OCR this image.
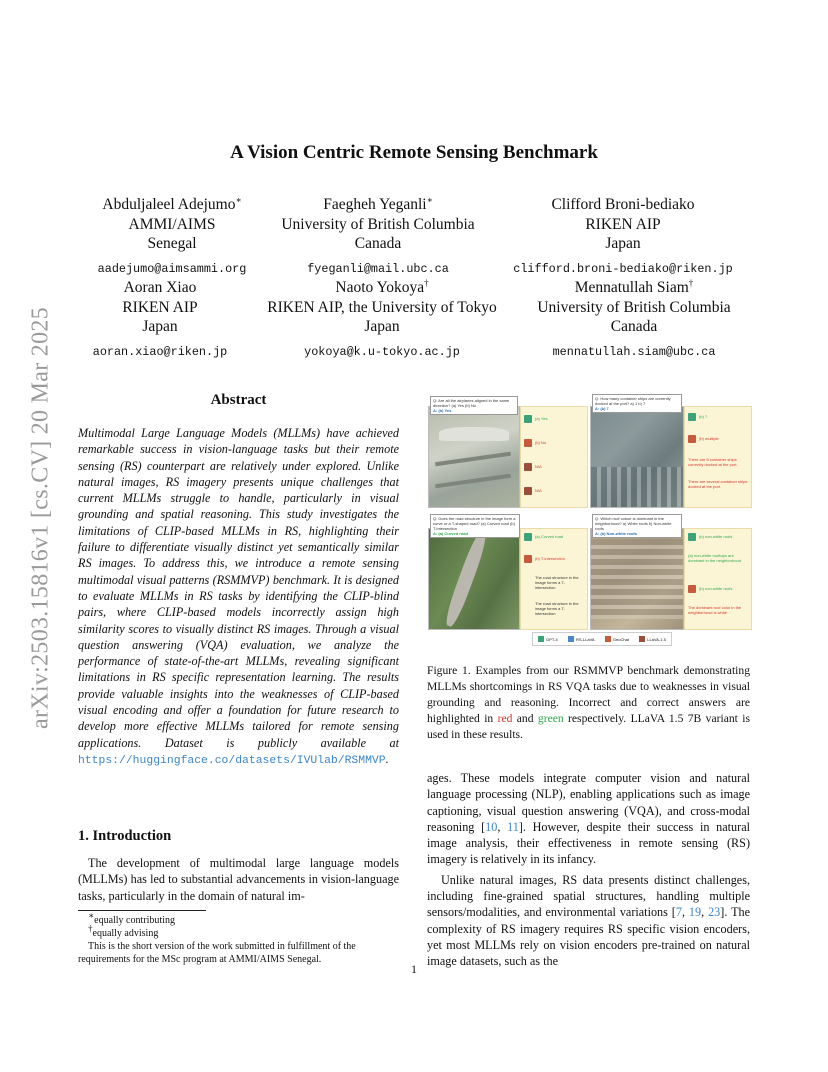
arXiv:2503.15816v1 [cs.CV] 20 Mar 2025
A Vision Centric Remote Sensing Benchmark
Abduljaleel Adejumo∗
AMMI/AIMS
Senegal
aadejumo@aimsammi.org
Faegheh Yeganli∗
University of British Columbia
Canada
fyeganli@mail.ubc.ca
Clifford Broni-bediako
RIKEN AIP
Japan
clifford.broni-bediako@riken.jp
Aoran Xiao
RIKEN AIP
Japan
aoran.xiao@riken.jp
Naoto Yokoya†
RIKEN AIP, the University of Tokyo
Japan
yokoya@k.u-tokyo.ac.jp
Mennatullah Siam†
University of British Columbia
Canada
mennatullah.siam@ubc.ca
Abstract
Multimodal Large Language Models (MLLMs) have achieved remarkable success in vision-language tasks but their remote sensing (RS) counterpart are relatively under explored. Unlike natural images, RS imagery presents unique challenges that current MLLMs struggle to handle, particularly in visual grounding and spatial reasoning. This study investigates the limitations of CLIP-based MLLMs in RS, highlighting their failure to differentiate visually distinct yet semantically similar RS images. To address this, we introduce a remote sensing multimodal visual patterns (RSMMVP) benchmark. It is designed to evaluate MLLMs in RS tasks by identifying the CLIP-blind pairs, where CLIP-based models incorrectly assign high similarity scores to visually distinct RS images. Through a visual question answering (VQA) evaluation, we analyze the performance of state-of-the-art MLLMs, revealing significant limitations in RS specific representation learning. The results provide valuable insights into the weaknesses of CLIP-based visual encoding and offer a foundation for future research to develop more effective MLLMs tailored for remote sensing applications. Dataset is publicly available at https://huggingface.co/datasets/IVUlab/RSMMVP.
1. Introduction
The development of multimodal large language models (MLLMs) has led to substantial advancements in vision-language tasks, particularly in the domain of natural im-
∗equally contributing
†equally advising
This is the short version of the work submitted in fulfillment of the requirements for the MSc program at AMMI/AIMS Senegal.
Q: Are all the airplanes aligned in the same direction? (a) Yes (b) No
A: (b) Yes
(a) Yes
(b) No
N/A
N/A
Q: How many container ships are currently docked at the port? a) 1 b) 7
A: (b) 7
(b) 7
(b) multiple
There are 5 container ships currently docked at the port.
There are several container ships docked at the port.
Q: Does the road structure in the image form a curve or a T-shaped road? (a) Curved road (b) T-intersection
A: (a) Curved road
(a) Curved road
(b) T-intersection
The road structure in the image forms a T-intersection
The road structure in the image forms a T-intersection
Q: Which roof colour is dominant in the neighborhood? a) White roofs b) Non-white roofs
A: (b) Non-white roofs
(b) non-white roofs
(a) non-white rooftops are dominant in the neighborhood
(b) non-white roofs
The dominant roof color in the neighborhood is white
GPT-4	RS-LLaVA	GeoChat	LLaVA-1.5
Figure 1. Examples from our RSMMVP benchmark demonstrating MLLMs shortcomings in RS VQA tasks due to weaknesses in visual grounding and reasoning. Incorrect and correct answers are highlighted in red and green respectively. LLaVA 1.5 7B variant is used in these results.

ages. These models integrate computer vision and natural language processing (NLP), enabling applications such as image captioning, visual question answering (VQA), and cross-modal reasoning [10, 11]. However, despite their success in natural image analysis, their effectiveness in remote sensing (RS) imagery is relatively in its infancy.

Unlike natural images, RS data presents distinct challenges, including fine-grained spatial structures, handling multiple sensors/modalities, and environmental variations [7, 19, 23]. The complexity of RS imagery requires RS specific vision encoders, yet most MLLMs rely on vision encoders pre-trained on natural image datasets, such as the

1
